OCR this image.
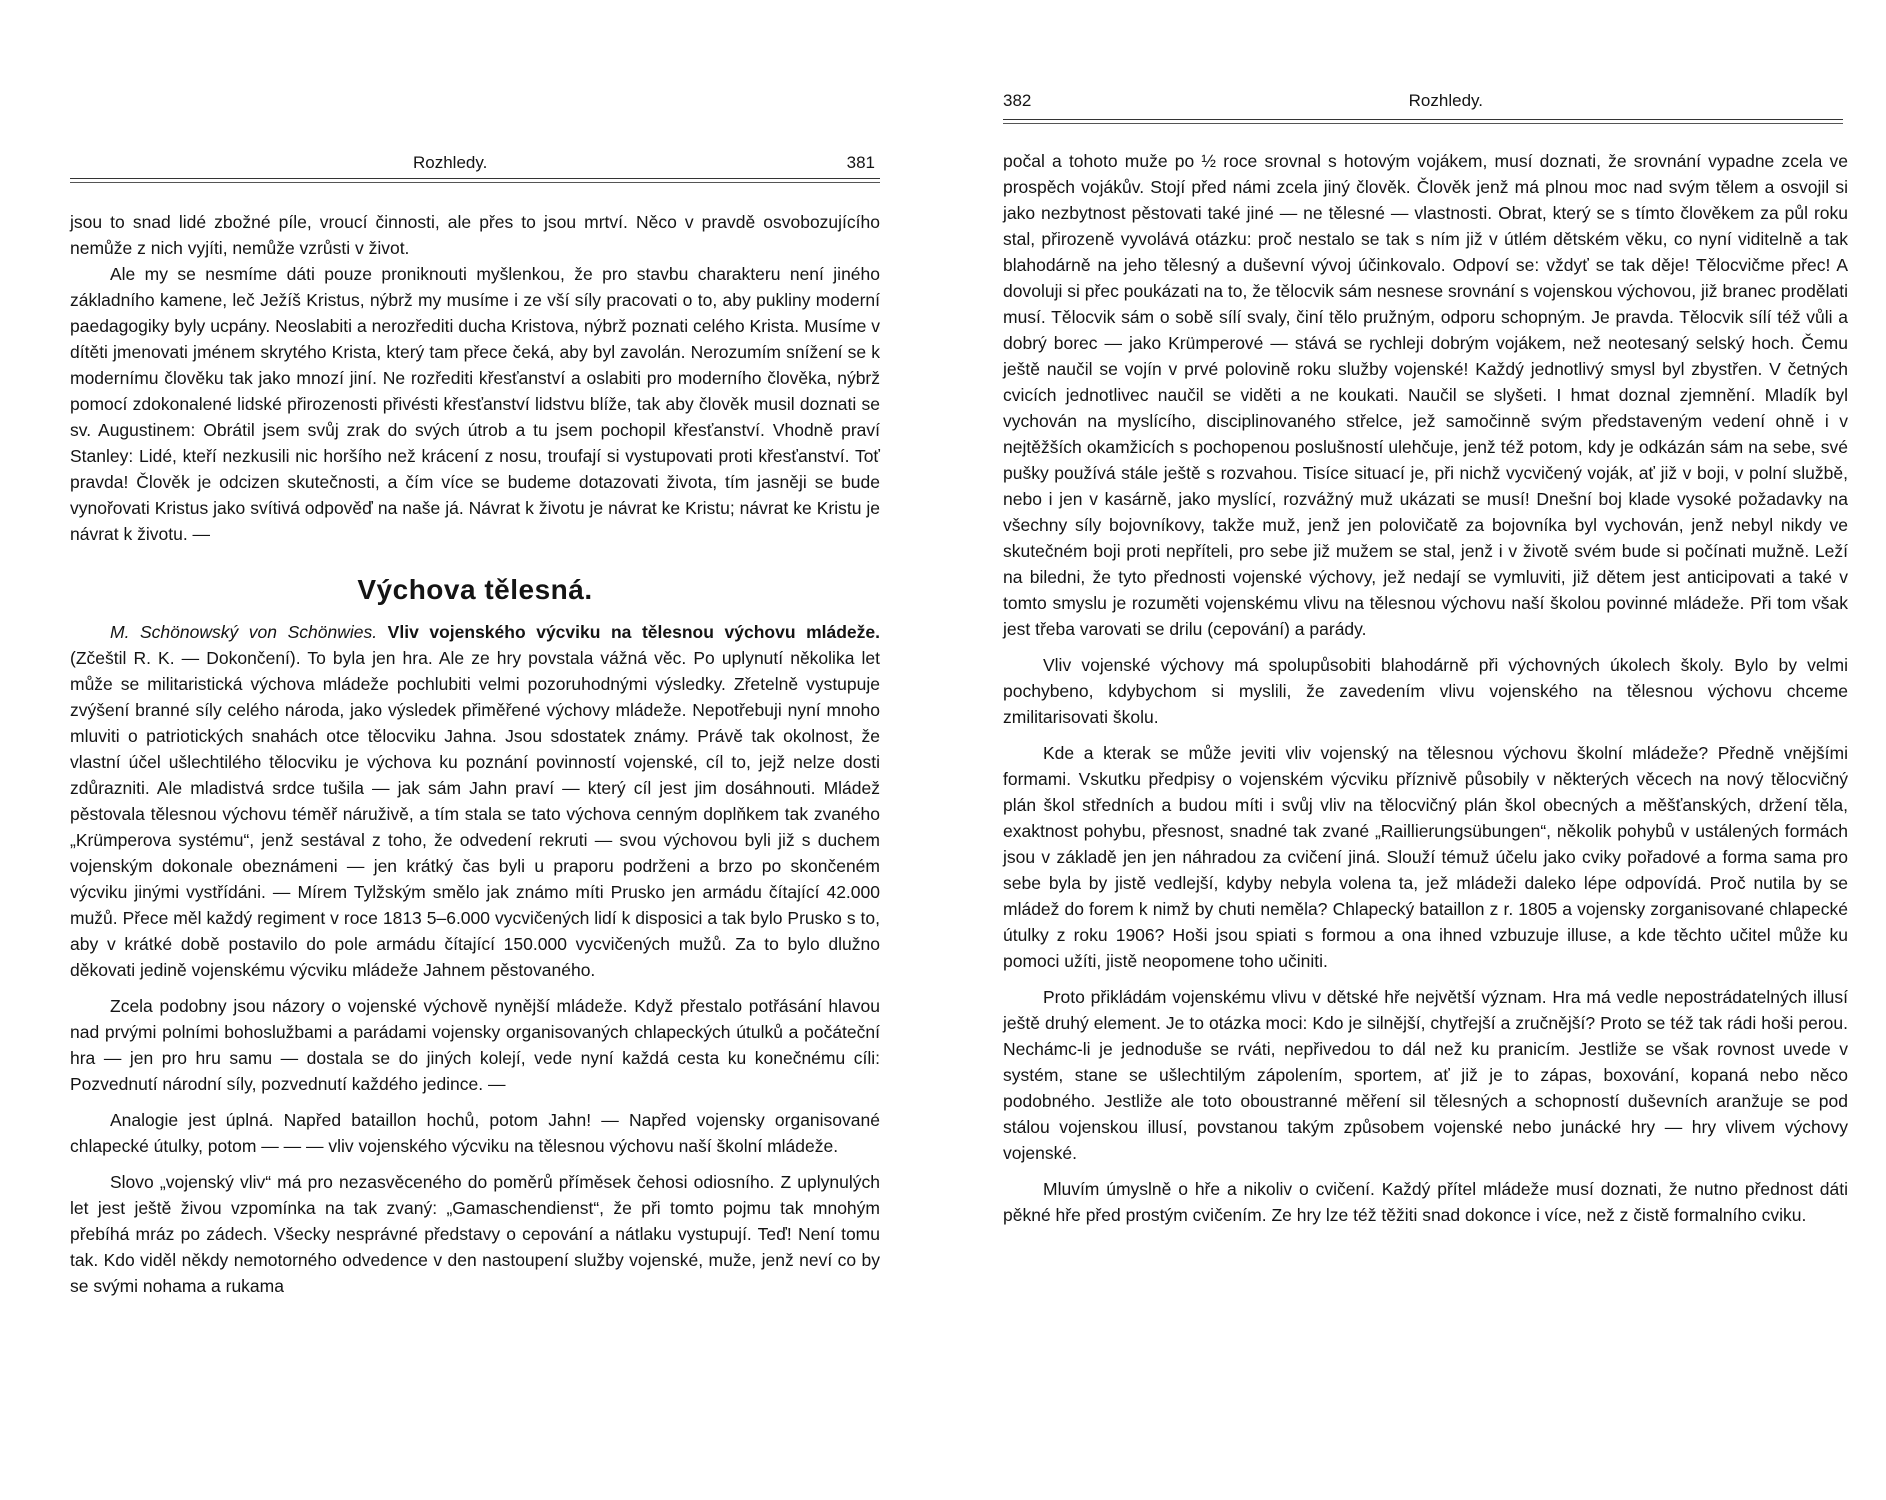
Rozhledy.	381

jsou to snad lidé zbožné píle, vroucí činnosti, ale přes to jsou mrtví. Něco v pravdě osvobozujícího nemůže z nich vyjíti, nemůže vzrůsti v život.

Ale my se nesmíme dáti pouze proniknouti myšlenkou, že pro stavbu charakteru není jiného základního kamene, leč Ježíš Kristus, nýbrž my musíme i ze vší síly pracovati o to, aby pukliny moderní paedagogiky byly ucpány. Neoslabiti a nerozřediti ducha Kristova, nýbrž poznati celého Krista. Musíme v dítěti jmenovati jménem skrytého Krista, který tam přece čeká, aby byl zavolán. Nerozumím snížení se k modernímu člověku tak jako mnozí jiní. Ne rozřediti křesťanství a oslabiti pro moderního člověka, nýbrž pomocí zdokonalené lidské přirozenosti přivésti křesťanství lidstvu blíže, tak aby člověk musil doznati se sv. Augustinem: Obrátil jsem svůj zrak do svých útrob a tu jsem pochopil křesťanství. Vhodně praví Stanley: Lidé, kteří nezkusili nic horšího než krácení z nosu, troufají si vystupovati proti křesťanství. Toť pravda! Člověk je odcizen skutečnosti, a čím více se budeme dotazovati života, tím jasněji se bude vynořovati Kristus jako svítivá odpověď na naše já. Návrat k životu je návrat ke Kristu; návrat ke Kristu je návrat k životu. —

Výchova tělesná.

M. Schönowský von Schönwies. Vliv vojenského výcviku na tělesnou výchovu mládeže. (Zčeštil R. K. — Dokončení). To byla jen hra. Ale ze hry povstala vážná věc. Po uplynutí několika let může se militaristická výchova mládeže pochlubiti velmi pozoruhodnými výsledky. Zřetelně vystupuje zvýšení branné síly celého národa, jako výsledek přiměřené výchovy mládeže. Nepotřebuji nyní mnoho mluviti o patriotických snahách otce tělocviku Jahna. Jsou sdostatek známy. Právě tak okolnost, že vlastní účel ušlechtilého tělocviku je výchova ku poznání povinností vojenské, cíl to, jejž nelze dosti zdůrazniti. Ale mladistvá srdce tušila — jak sám Jahn praví — který cíl jest jim dosáhnouti. Mládež pěstovala tělesnou výchovu téměř náruživě, a tím stala se tato výchova cenným doplňkem tak zvaného „Krümperova systému“, jenž sestával z toho, že odvedení rekruti — svou výchovou byli již s duchem vojenským dokonale obeznámeni — jen krátký čas byli u praporu podrženi a brzo po skončeném výcviku jinými vystřídáni. — Mírem Tylžským smělo jak známo míti Prusko jen armádu čítající 42.000 mužů. Přece měl každý regiment v roce 1813 5–6.000 vycvičených lidí k disposici a tak bylo Prusko s to, aby v krátké době postavilo do pole armádu čítající 150.000 vycvičených mužů. Za to bylo dlužno děkovati jedině vojenskému výcviku mládeže Jahnem pěstovaného.

Zcela podobny jsou názory o vojenské výchově nynější mládeže. Když přestalo potřásání hlavou nad prvými polními bohoslužbami a parádami vojensky organisovaných chlapeckých útulků a počáteční hra — jen pro hru samu — dostala se do jiných kolejí, vede nyní každá cesta ku konečnému cíli: Pozvednutí národní síly, pozvednutí každého jedince. —

Analogie jest úplná. Napřed bataillon hochů, potom Jahn! — Napřed vojensky organisované chlapecké útulky, potom — — — vliv vojenského výcviku na tělesnou výchovu naší školní mládeže.

Slovo „vojenský vliv“ má pro nezasvěceného do poměrů příměsek čehosi odiosního. Z uplynulých let jest ještě živou vzpomínka na tak zvaný: „Gamaschendienst“, že při tomto pojmu tak mnohým přebíhá mráz po zádech. Všecky nesprávné představy o cepování a nátlaku vystupují. Teď! Není tomu tak. Kdo viděl někdy nemotorného odvedence v den nastoupení služby vojenské, muže, jenž neví co by se svými nohama a rukama

382	Rozhledy.

počal a tohoto muže po ½ roce srovnal s hotovým vojákem, musí doznati, že srovnání vypadne zcela ve prospěch vojákův. Stojí před námi zcela jiný člověk. Člověk jenž má plnou moc nad svým tělem a osvojil si jako nezbytnost pěstovati také jiné — ne tělesné — vlastnosti. Obrat, který se s tímto člověkem za půl roku stal, přirozeně vyvolává otázku: proč nestalo se tak s ním již v útlém dětském věku, co nyní viditelně a tak blahodárně na jeho tělesný a duševní vývoj účinkovalo. Odpoví se: vždyť se tak děje! Tělocvičme přec! A dovoluji si přec poukázati na to, že tělocvik sám nesnese srovnání s vojenskou výchovou, již branec prodělati musí. Tělocvik sám o sobě sílí svaly, činí tělo pružným, odporu schopným. Je pravda. Tělocvik sílí též vůli a dobrý borec — jako Krümperové — stává se rychleji dobrým vojákem, než neotesaný selský hoch. Čemu ještě naučil se vojín v prvé polovině roku služby vojenské! Každý jednotlivý smysl byl zbystřen. V četných cvicích jednotlivec naučil se viděti a ne koukati. Naučil se slyšeti. I hmat doznal zjemnění. Mladík byl vychován na myslícího, disciplinovaného střelce, jež samočinně svým představeným vedení ohně i v nejtěžších okamžicích s pochopenou poslušností ulehčuje, jenž též potom, kdy je odkázán sám na sebe, své pušky používá stále ještě s rozvahou. Tisíce situací je, při nichž vycvičený voják, ať již v boji, v polní službě, nebo i jen v kasárně, jako myslící, rozvážný muž ukázati se musí! Dnešní boj klade vysoké požadavky na všechny síly bojovníkovy, takže muž, jenž jen polovičatě za bojovníka byl vychován, jenž nebyl nikdy ve skutečném boji proti nepříteli, pro sebe již mužem se stal, jenž i v životě svém bude si počínati mužně. Leží na biledni, že tyto přednosti vojenské výchovy, jež nedají se vymluviti, již dětem jest anticipovati a také v tomto smyslu je rozuměti vojenskému vlivu na tělesnou výchovu naší školou povinné mládeže. Při tom však jest třeba varovati se drilu (cepování) a parády.

Vliv vojenské výchovy má spolupůsobiti blahodárně při výchovných úkolech školy. Bylo by velmi pochybeno, kdybychom si myslili, že zavedením vlivu vojenského na tělesnou výchovu chceme zmilitarisovati školu.

Kde a kterak se může jeviti vliv vojenský na tělesnou výchovu školní mládeže? Předně vnějšími formami. Vskutku předpisy o vojenském výcviku příznivě působily v některých věcech na nový tělocvičný plán škol středních a budou míti i svůj vliv na tělocvičný plán škol obecných a měšťanských, držení těla, exaktnost pohybu, přesnost, snadné tak zvané „Raillierungsübungen“, několik pohybů v ustálených formách jsou v základě jen jen náhradou za cvičení jiná. Slouží témuž účelu jako cviky pořadové a forma sama pro sebe byla by jistě vedlejší, kdyby nebyla volena ta, jež mládeži daleko lépe odpovídá. Proč nutila by se mládež do forem k nimž by chuti neměla? Chlapecký bataillon z r. 1805 a vojensky zorganisované chlapecké útulky z roku 1906? Hoši jsou spiati s formou a ona ihned vzbuzuje illuse, a kde těchto učitel může ku pomoci užíti, jistě neopomene toho učiniti.

Proto přikládám vojenskému vlivu v dětské hře největší význam. Hra má vedle nepostrádatelných illusí ještě druhý element. Je to otázka moci: Kdo je silnější, chytřejší a zručnější? Proto se též tak rádi hoši perou. Nechámc-li je jednoduše se rváti, nepřivedou to dál než ku pranicím. Jestliže se však rovnost uvede v systém, stane se ušlechtilým zápolením, sportem, ať již je to zápas, boxování, kopaná nebo něco podobného. Jestliže ale toto oboustranné měření sil tělesných a schopností duševních aranžuje se pod stálou vojenskou illusí, povstanou takým způsobem vojenské nebo junácké hry — hry vlivem výchovy vojenské.

Mluvím úmyslně o hře a nikoliv o cvičení. Každý přítel mládeže musí doznati, že nutno přednost dáti pěkné hře před prostým cvičením. Ze hry lze též těžiti snad dokonce i více, než z čistě formalního cviku.
